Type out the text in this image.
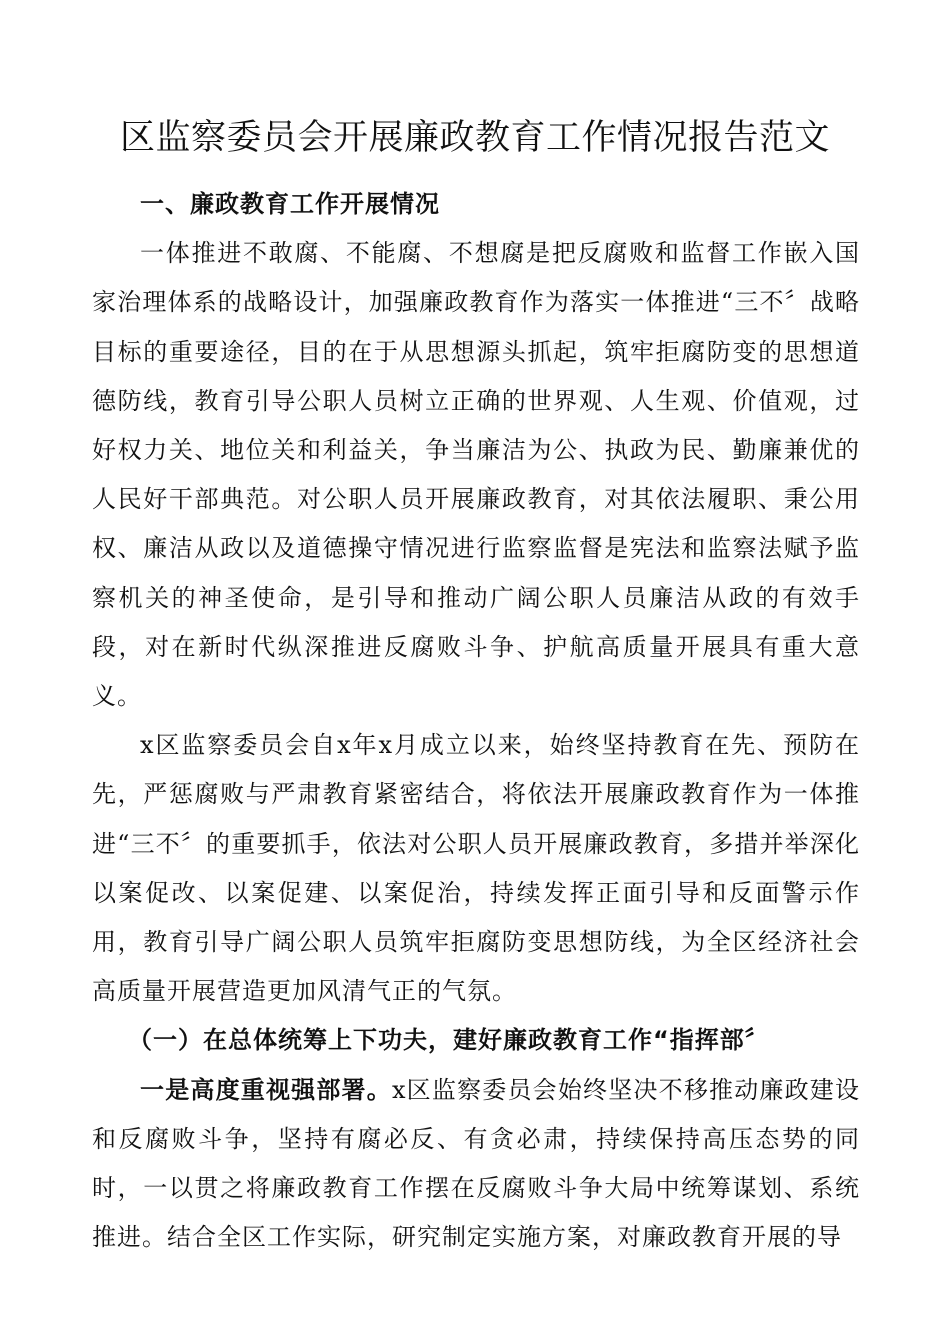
区监察委员会开展廉政教育工作情况报告范文

一、廉政教育工作开展情况

一体推进不敢腐、不能腐、不想腐是把反腐败和监督工作嵌入国家治理体系的战略设计，加强廉政教育作为落实一体推进“三不〞战略目标的重要途径，目的在于从思想源头抓起，筑牢拒腐防变的思想道德防线，教育引导公职人员树立正确的世界观、人生观、价值观，过好权力关、地位关和利益关，争当廉洁为公、执政为民、勤廉兼优的人民好干部典范。对公职人员开展廉政教育，对其依法履职、秉公用权、廉洁从政以及道德操守情况进行监察监督是宪法和监察法赋予监察机关的神圣使命，是引导和推动广阔公职人员廉洁从政的有效手段，对在新时代纵深推进反腐败斗争、护航高质量开展具有重大意义。

x区监察委员会自x年x月成立以来，始终坚持教育在先、预防在先，严惩腐败与严肃教育紧密结合，将依法开展廉政教育作为一体推进“三不〞的重要抓手，依法对公职人员开展廉政教育，多措并举深化以案促改、以案促建、以案促治，持续发挥正面引导和反面警示作用，教育引导广阔公职人员筑牢拒腐防变思想防线，为全区经济社会高质量开展营造更加风清气正的气氛。

（一）在总体统筹上下功夫，建好廉政教育工作“指挥部〞

一是高度重视强部署。x区监察委员会始终坚决不移推动廉政建设和反腐败斗争，坚持有腐必反、有贪必肃，持续保持高压态势的同时，一以贯之将廉政教育工作摆在反腐败斗争大局中统筹谋划、系统推进。结合全区工作实际，研究制定实施方案，对廉政教育开展的导
